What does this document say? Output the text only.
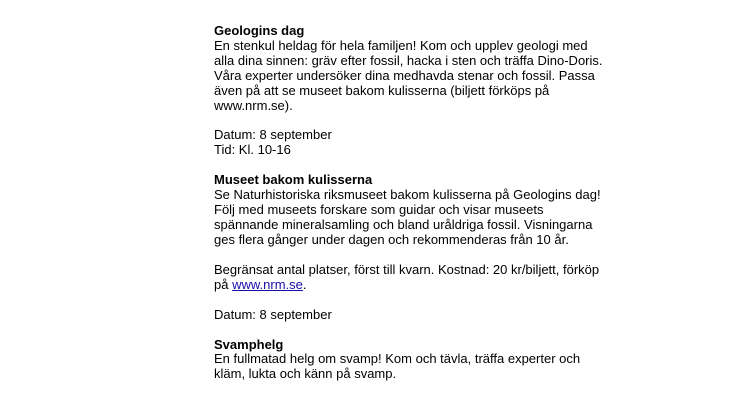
Geologins dag
En stenkul heldag för hela familjen! Kom och upplev geologi med
alla dina sinnen: gräv efter fossil, hacka i sten och träffa Dino-Doris.
Våra experter undersöker dina medhavda stenar och fossil. Passa
även på att se museet bakom kulisserna (biljett förköps på
www.nrm.se).
Datum: 8 september
Tid: Kl. 10-16
Museet bakom kulisserna
Se Naturhistoriska riksmuseet bakom kulisserna på Geologins dag!
Följ med museets forskare som guidar och visar museets
spännande mineralsamling och bland uråldriga fossil. Visningarna
ges flera gånger under dagen och rekommenderas från 10 år.
Begränsat antal platser, först till kvarn. Kostnad: 20 kr/biljett, förköp
på www.nrm.se.
Datum: 8 september
Svamphelg
En fullmatad helg om svamp! Kom och tävla, träffa experter och
kläm, lukta och känn på svamp.
